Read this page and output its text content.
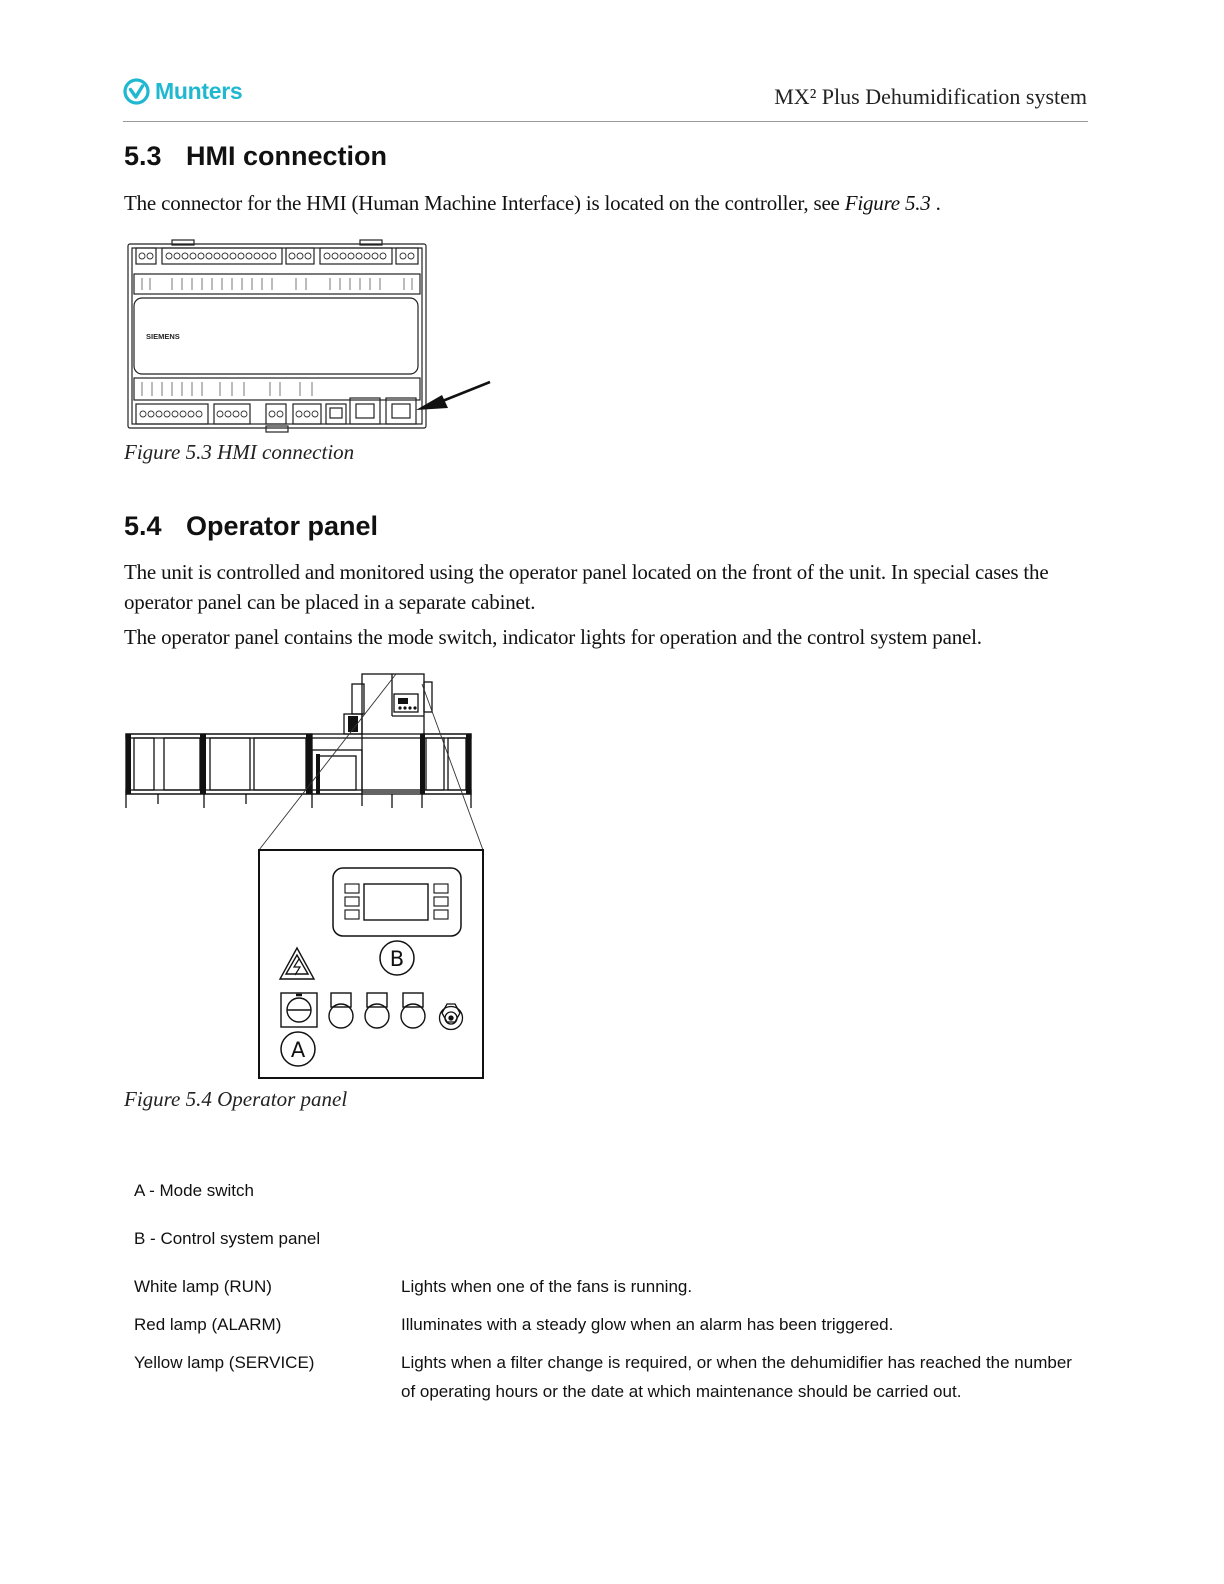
Munters	MX² Plus Dehumidification system
5.3 HMI connection
The connector for the HMI (Human Machine Interface) is located on the controller, see Figure 5.3 .
SIEMENS
Figure 5.3 HMI connection
5.4 Operator panel
The unit is controlled and monitored using the operator panel located on the front of the unit. In special cases the operator panel can be placed in a separate cabinet.
The operator panel contains the mode switch, indicator lights for operation and the control system panel.
B
A
Figure 5.4 Operator panel
A - Mode switch
B - Control system panel
White lamp (RUN)	Lights when one of the fans is running.
Red lamp (ALARM)	Illuminates with a steady glow when an alarm has been triggered.
Yellow lamp (SERVICE)	Lights when a filter change is required, or when the dehumidifier has reached the number of operating hours or the date at which maintenance should be carried out.
